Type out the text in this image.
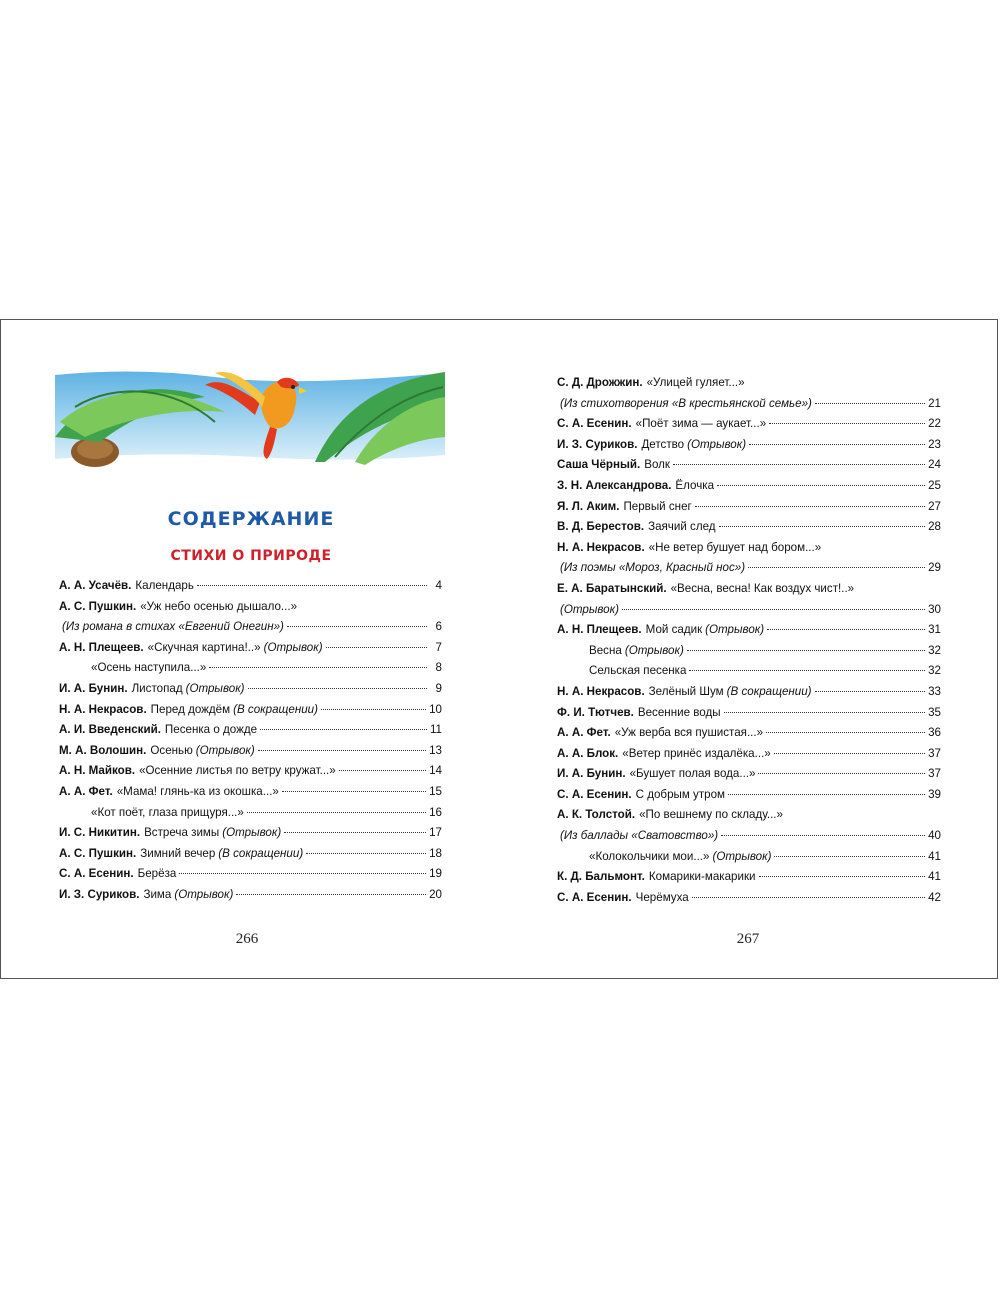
СОДЕРЖАНИЕ
СТИХИ О ПРИРОДЕ
А. А. Усачёв. Календарь	4
А. С. Пушкин. «Уж небо осенью дышало...»
(Из романа в стихах «Евгений Онегин»)	6
А. Н. Плещеев. «Скучная картина!..» (Отрывок)	7
«Осень наступила...»	8
И. А. Бунин. Листопад (Отрывок)	9
Н. А. Некрасов. Перед дождём (В сокращении)	10
А. И. Введенский. Песенка о дожде	11
М. А. Волошин. Осенью (Отрывок)	13
А. Н. Майков. «Осенние листья по ветру кружат...»	14
А. А. Фет. «Мама! глянь-ка из окошка...»	15
«Кот поёт, глаза прищуря...»	16
И. С. Никитин. Встреча зимы (Отрывок)	17
А. С. Пушкин. Зимний вечер (В сокращении)	18
С. А. Есенин. Берёза	19
И. З. Суриков. Зима (Отрывок)	20
266
С. Д. Дрожжин. «Улицей гуляет...»
(Из стихотворения «В крестьянской семье»)	21
С. А. Есенин. «Поёт зима — аукает...»	22
И. З. Суриков. Детство (Отрывок)	23
Саша Чёрный. Волк	24
З. Н. Александрова. Ёлочка	25
Я. Л. Аким. Первый снег	27
В. Д. Берестов. Заячий след	28
Н. А. Некрасов. «Не ветер бушует над бором...»
(Из поэмы «Мороз, Красный нос»)	29
Е. А. Баратынский. «Весна, весна! Как воздух чист!..»
(Отрывок)	30
А. Н. Плещеев. Мой садик (Отрывок)	31
Весна (Отрывок)	32
Сельская песенка	32
Н. А. Некрасов. Зелёный Шум (В сокращении)	33
Ф. И. Тютчев. Весенние воды	35
А. А. Фет. «Уж верба вся пушистая...»	36
А. А. Блок. «Ветер принёс издалёка...»	37
И. А. Бунин. «Бушует полая вода...»	37
С. А. Есенин. С добрым утром	39
А. К. Толстой. «По вешнему по складу...»
(Из баллады «Сватовство»)	40
«Колокольчики мои...» (Отрывок)	41
К. Д. Бальмонт. Комарики-макарики	41
С. А. Есенин. Черёмуха	42
267
